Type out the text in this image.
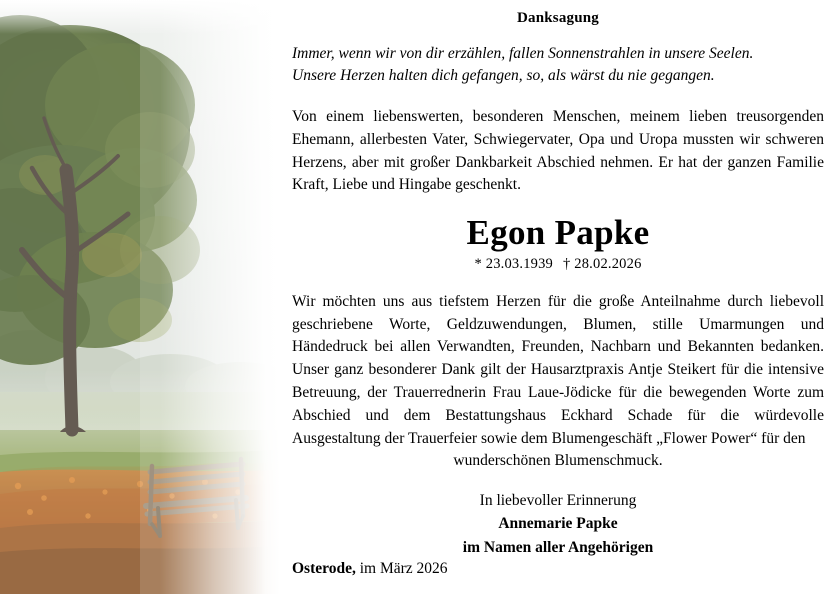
Danksagung
Immer, wenn wir von dir erzählen, fallen Sonnenstrahlen in unsere Seelen.
Unsere Herzen halten dich gefangen, so, als wärst du nie gegangen.

Von einem liebenswerten, besonderen Menschen, meinem lieben treusorgenden Ehemann, allerbesten Vater, Schwiegervater, Opa und Uropa mussten wir schweren Herzens, aber mit großer Dankbarkeit Abschied nehmen. Er hat der ganzen Familie Kraft, Liebe und Hingabe geschenkt.

Egon Papke
* 23.03.1939 † 28.02.2026

Wir möchten uns aus tiefstem Herzen für die große Anteilnahme durch liebevoll geschriebene Worte, Geldzuwendungen, Blumen, stille Umarmungen und Händedruck bei allen Verwandten, Freunden, Nachbarn und Bekannten bedanken. Unser ganz besonderer Dank gilt der Hausarztpraxis Antje Steikert für die intensive Betreuung, der Trauerrednerin Frau Laue-Jödicke für die bewegenden Worte zum Abschied und dem Bestattungshaus Eckhard Schade für die würdevolle Ausgestaltung der Trauerfeier sowie dem Blumengeschäft „Flower Power“ für den
wunderschönen Blumenschmuck.

In liebevoller Erinnerung
Annemarie Papke
im Namen aller Angehörigen
Osterode, im März 2026
